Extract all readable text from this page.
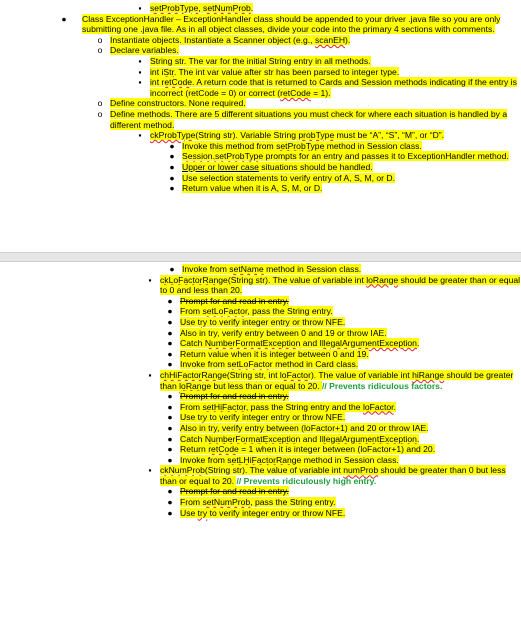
▪ setProbType, setNumProb.
● Class ExceptionHandler – ExceptionHandler class should be appended to your driver .java file so you are only submitting one .java file. As in all object classes, divide your code into the primary 4 sections with comments.
o Instantiate objects. Instantiate a Scanner object (e.g., scanEH).
o Declare variables.
▪ String str. The var for the initial String entry in all methods.
▪ int iStr. The int var value after str has been parsed to integer type.
▪ int retCode. A return code that is returned to Cards and Session methods indicating if the entry is incorrect (retCode = 0) or correct (retCode = 1).
o Define constructors. None required.
o Define methods. There are 5 different situations you must check for where each situation is handled by a different method.
▪ ckProbType(String str). Variable String probType must be “A”, “S”, “M”, or “D”.
● Invoke this method from setProbType method in Session class.
● Session.setProbType prompts for an entry and passes it to ExceptionHandler method.
● Upper or lower case situations should be handled.
● Use selection statements to verify entry of A, S, M, or D.
● Return value when it is A, S, M, or D.
● Invoke from setName method in Session class.
▪ ckLoFactorRange(String str). The value of variable int loRange should be greater than or equal to 0 and less than 20.
● Prompt for and read in entry.
● From setLoFactor, pass the String entry.
● Use try to verify integer entry or throw NFE.
● Also in try, verify entry between 0 and 19 or throw IAE.
● Catch NumberFormatException and IllegalArgumentException.
● Return value when it is integer between 0 and 19.
● Invoke from setLoFactor method in Card class.
▪ chHiFactorRange(String str, int loFactor). The value of variable int hiRange should be greater than loRange but less than or equal to 20. // Prevents ridiculous factors.
● Prompt for and read in entry.
● From setHiFactor, pass the String entry and the loFactor.
● Use try to verify integer entry or throw NFE.
● Also in try, verify entry between (loFactor+1) and 20 or throw IAE.
● Catch NumberFormatException and IllegalArgumentException.
● Return retCode = 1 when it is integer between (loFactor+1) and 20.
● Invoke from setLHiFactorRange method in Session class.
▪ ckNumProb(String str). The value of variable int numProb should be greater than 0 but less than or equal to 20. // Prevents ridiculously high entry.
● Prompt for and read in entry.
● From setNumProb, pass the String entry.
● Use try to verify integer entry or throw NFE.
